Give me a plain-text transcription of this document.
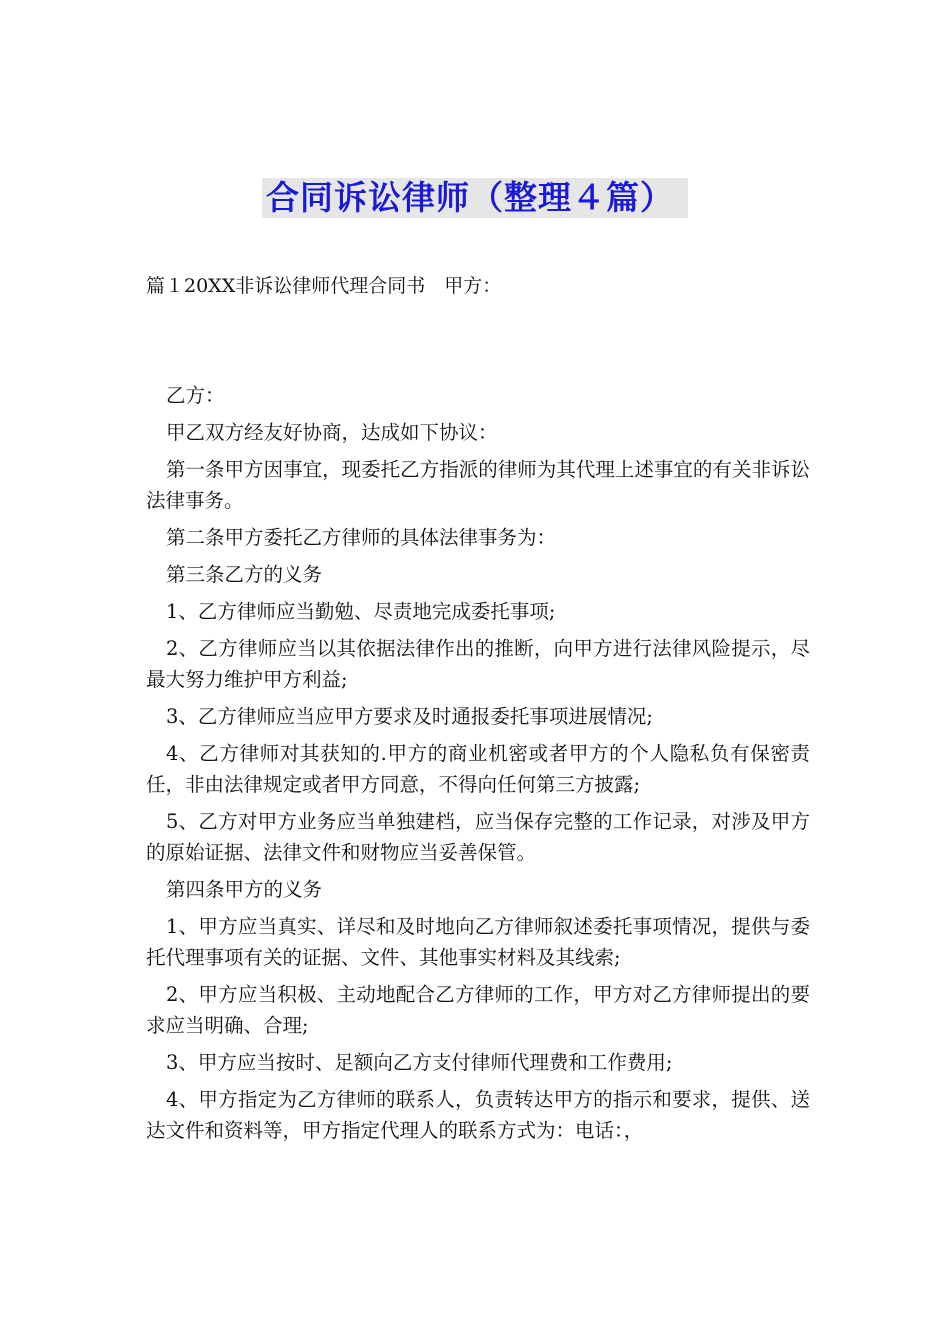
合同诉讼律师（整理４篇）
篇１20XX非诉讼律师代理合同书　甲方：

乙方：

甲乙双方经友好协商，达成如下协议：

第一条甲方因事宜，现委托乙方指派的律师为其代理上述事宜的有关非诉讼法律事务。

第二条甲方委托乙方律师的具体法律事务为：

第三条乙方的义务

1、乙方律师应当勤勉、尽责地完成委托事项;

2、乙方律师应当以其依据法律作出的推断，向甲方进行法律风险提示，尽最大努力维护甲方利益;

3、乙方律师应当应甲方要求及时通报委托事项进展情况;

4、乙方律师对其获知的.甲方的商业机密或者甲方的个人隐私负有保密责任，非由法律规定或者甲方同意，不得向任何第三方披露;

5、乙方对甲方业务应当单独建档，应当保存完整的工作记录，对涉及甲方的原始证据、法律文件和财物应当妥善保管。

第四条甲方的义务

1、甲方应当真实、详尽和及时地向乙方律师叙述委托事项情况，提供与委托代理事项有关的证据、文件、其他事实材料及其线索;

2、甲方应当积极、主动地配合乙方律师的工作，甲方对乙方律师提出的要求应当明确、合理;

3、甲方应当按时、足额向乙方支付律师代理费和工作费用;

4、甲方指定为乙方律师的联系人，负责转达甲方的指示和要求，提供、送达文件和资料等，甲方指定代理人的联系方式为：电话：，
